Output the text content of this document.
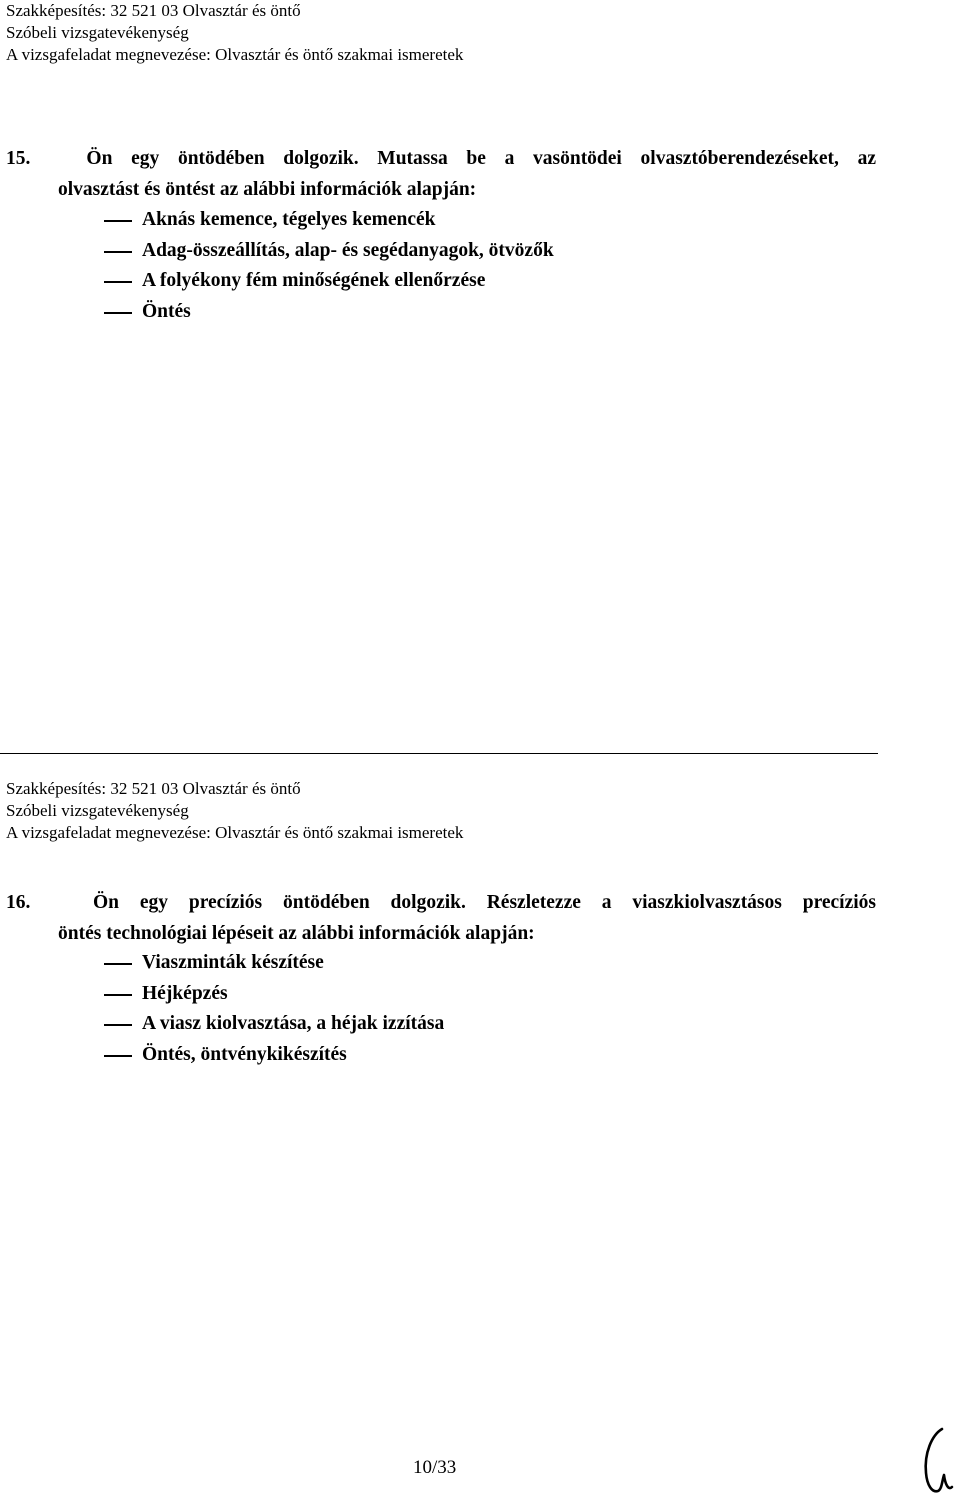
Szakképesítés: 32 521 03 Olvasztár és öntő
Szóbeli vizsgatevékenység
A vizsgafeladat megnevezése: Olvasztár és öntő szakmai ismeretek
15.	Ön egy öntödében dolgozik. Mutassa be a vasöntödei olvasztóberendezéseket, az
olvasztást és öntést az alábbi információk alapján:
Aknás kemence, tégelyes kemencék
Adag-összeállítás, alap- és segédanyagok, ötvözők
A folyékony fém minőségének ellenőrzése
Öntés
Szakképesítés: 32 521 03 Olvasztár és öntő
Szóbeli vizsgatevékenység
A vizsgafeladat megnevezése: Olvasztár és öntő szakmai ismeretek
16.	Ön egy precíziós öntödében dolgozik. Részletezze a viaszkiolvasztásos precíziós
öntés technológiai lépéseit az alábbi információk alapján:
Viaszminták készítése
Héjképzés
A viasz kiolvasztása, a héjak izzítása
Öntés, öntvénykikészítés
10/33
